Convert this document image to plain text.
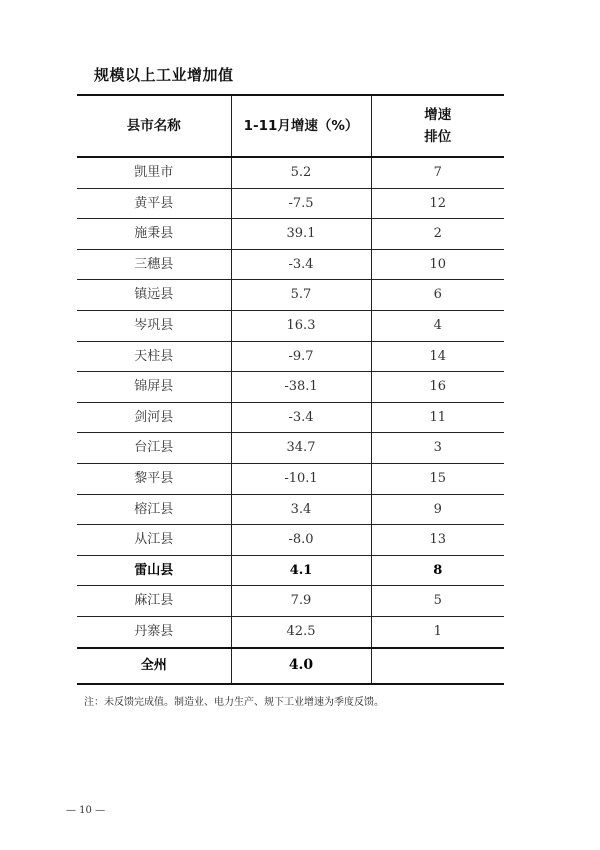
规模以上工业增加值
县市名称	1-11月增速（%）	增速
排位

凯里市	5.2	7
黄平县	-7.5	12
施秉县	39.1	2
三穗县	-3.4	10
镇远县	5.7	6
岑巩县	16.3	4
天柱县	-9.7	14
锦屏县	-38.1	16
剑河县	-3.4	11
台江县	34.7	3
黎平县	-10.1	15
榕江县	3.4	9
从江县	-8.0	13
雷山县	4.1	8
麻江县	7.9	5
丹寨县	42.5	1
全州	4.0	
注：未反馈完成值。制造业、电力生产、规下工业增速为季度反馈。
— 10 —
